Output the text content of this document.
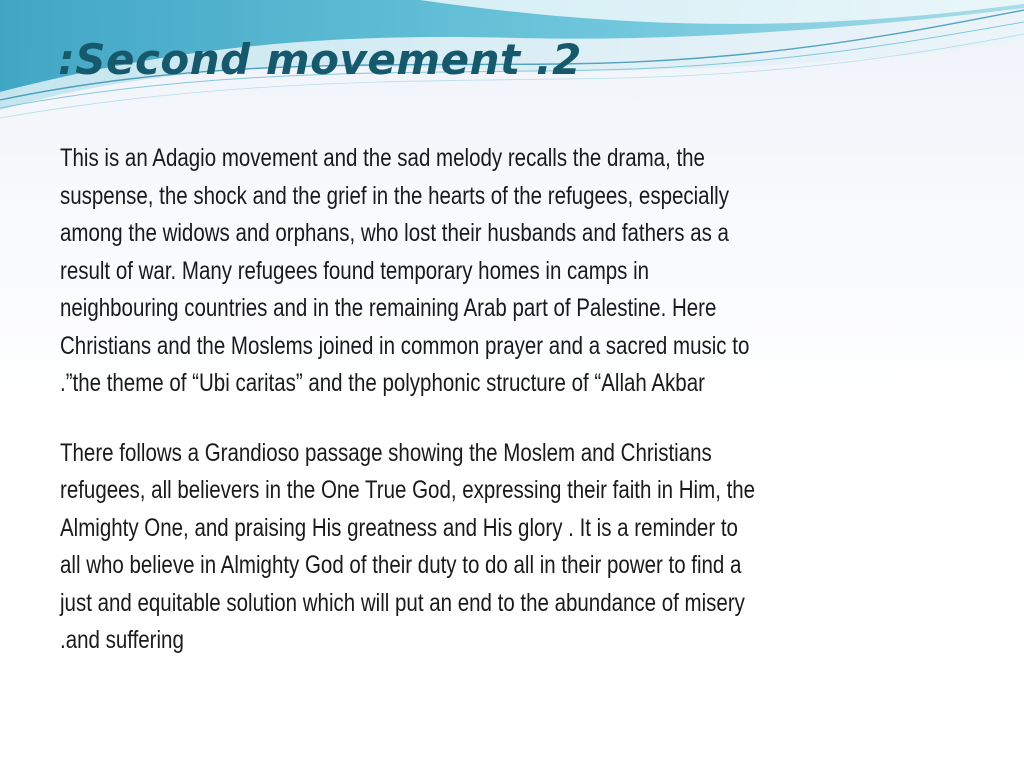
:Second movement .2

This is an Adagio movement and the sad melody recalls the drama, the
suspense, the shock and the grief in the hearts of the refugees, especially
among the widows and orphans, who lost their husbands and fathers as a
result of war. Many refugees found temporary homes in camps in
neighbouring countries and in the remaining Arab part of Palestine. Here
Christians and the Moslems joined in common prayer and a sacred music to
.”the theme of “Ubi caritas” and the polyphonic structure of “Allah Akbar

There follows a Grandioso passage showing the Moslem and Christians
refugees, all believers in the One True God, expressing their faith in Him, the
Almighty One, and praising His greatness and His glory . It is a reminder to
all who believe in Almighty God of their duty to do all in their power to find a
just and equitable solution which will put an end to the abundance of misery
.and suffering
